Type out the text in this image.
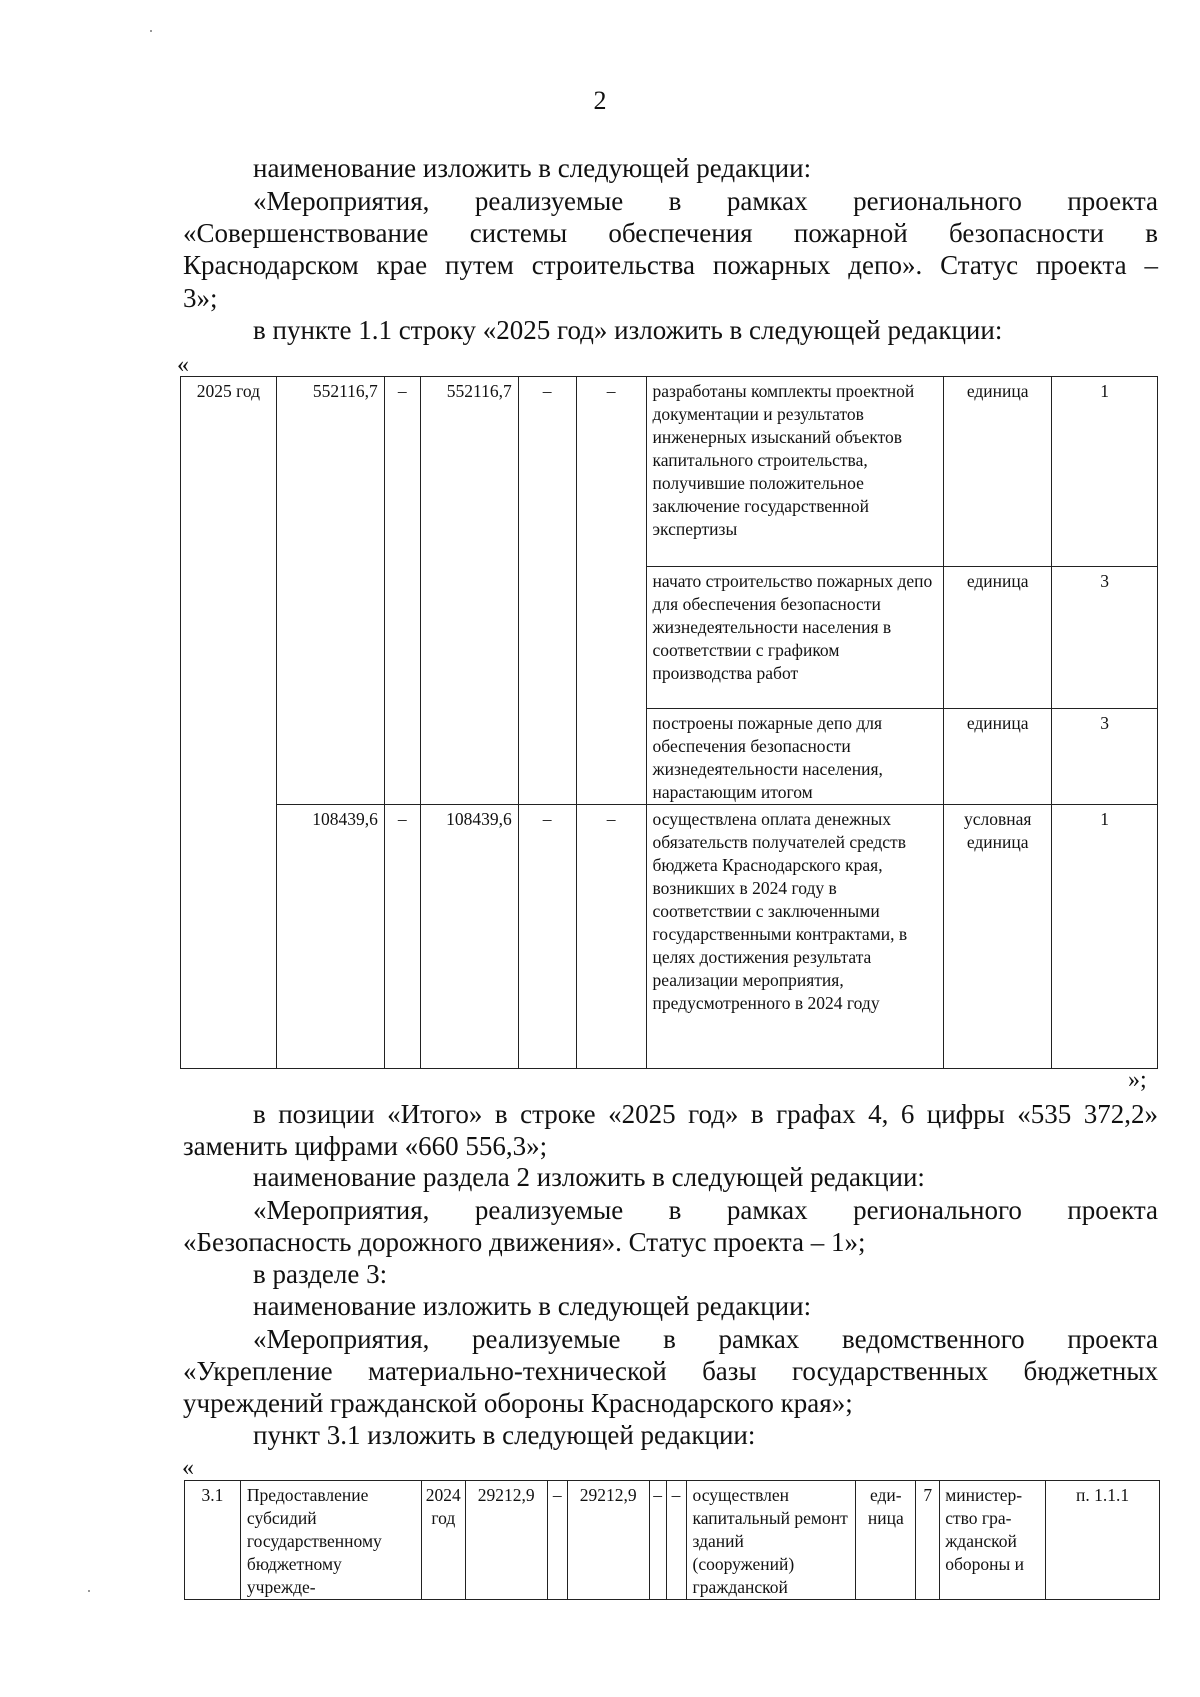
2

наименование изложить в следующей редакции:

«Мероприятия, реализуемые в рамках регионального проекта

«Совершенствование системы обеспечения пожарной безопасности в

Краснодарском крае путем строительства пожарных депо». Статус проекта –

3»;

в пункте 1.1 строку «2025 год» изложить в следующей редакции:

«
2025 год	552116,7	–	552116,7	–	–	разработаны комплекты проектной документации и результатов инженерных изысканий объектов капитального строительства, получившие положительное заключение государственной экспертизы	единица	1
						начато строительство пожарных депо для обеспечения безопасности жизнедеятельности населения в соответствии с графиком производства работ	единица	3
						построены пожарные депо для обеспечения безопасности жизнедеятельности населения, нарастающим итогом	единица	3
	108439,6	–	108439,6	–	–	осуществлена оплата денежных обязательств получателей средств бюджета Краснодарского края, возникших в 2024 году в соответствии с заключенными государственными контрактами, в целях достижения результата реализации мероприятия, предусмотренного в 2024 году	условная единица	1
»;

в позиции «Итого» в строке «2025 год» в графах 4, 6 цифры «535 372,2»

заменить цифрами «660 556,3»;

наименование раздела 2 изложить в следующей редакции:

«Мероприятия, реализуемые в рамках регионального проекта

«Безопасность дорожного движения». Статус проекта – 1»;

в разделе 3:

наименование изложить в следующей редакции:

«Мероприятия, реализуемые в рамках ведомственного проекта

«Укрепление материально-технической базы государственных бюджетных

учреждений гражданской обороны Краснодарского края»;

пункт 3.1 изложить в следующей редакции:

«
3.1	Предоставление субсидий государственному бюджетному учрежде-	2024 год	29212,9	–	29212,9	–	–	осуществлен капитальный ремонт зданий (сооружений) гражданской	еди-ница	7	министер-ство гра-жданской обороны и	п. 1.1.1
